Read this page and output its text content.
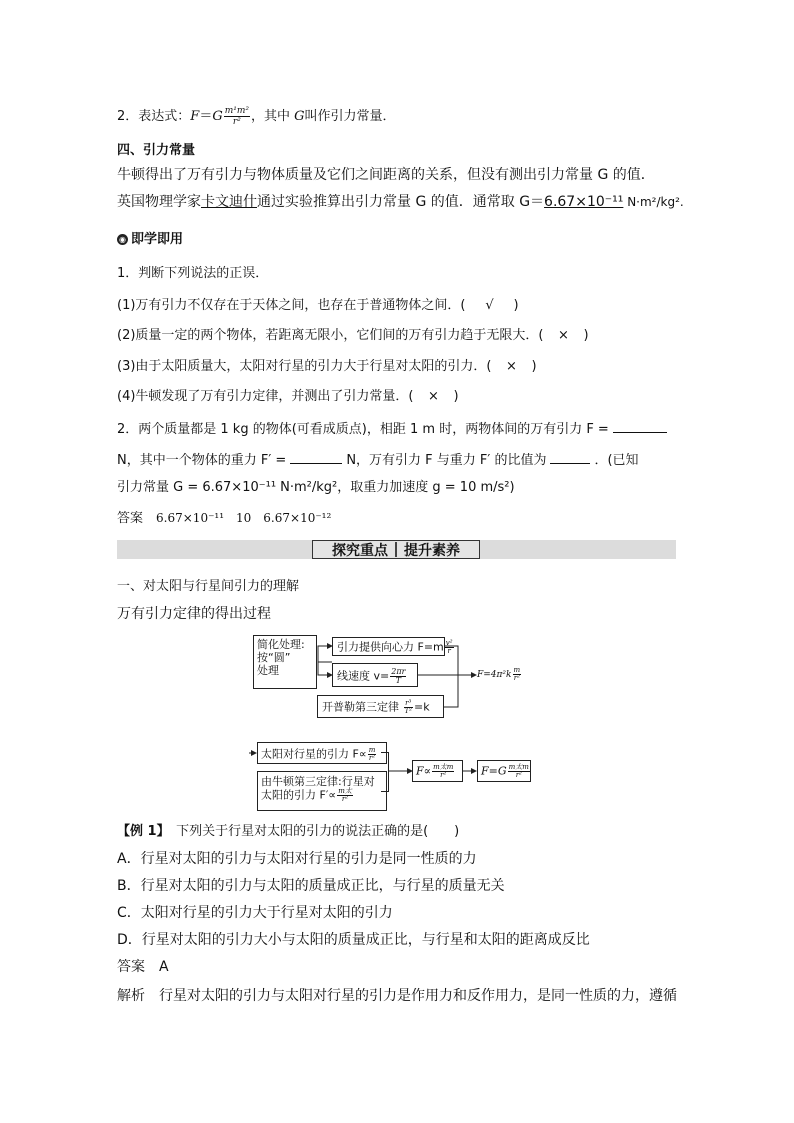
2．表达式：$F=G \frac{\text{m¹m²}}{\text{r²}}$ ，其中 G叫作引力常量．
四、引力常量
牛顿得出了万有引力与物体质量及它们之间距离的关系，但没有测出引力常量 G 的值．
英国物理学家卡文迪什通过实验推算出引力常量 G 的值．通常取 G＝6.67×10⁻¹¹ N·m²/kg².
◉ 即学即用
1．判断下列说法的正误．
(1)万有引力不仅存在于天体之间，也存在于普通物体之间．( √ )
(2)质量一定的两个物体，若距离无限小，它们间的万有引力趋于无限大．( × )
(3)由于太阳质量大，太阳对行星的引力大于行星对太阳的引力．( × )
(4)牛顿发现了万有引力定律，并测出了引力常量．( × )
2．两个质量都是 1 kg 的物体(可看成质点)，相距 1 m 时，两物体间的万有引力 F =
N，其中一个物体的重力 F′ =	N，万有引力 F 与重力 F′ 的比值为	．(已知
引力常量 G = 6.67×10⁻¹¹ N·m²/kg²，取重力加速度 g = 10 m/s²)
答案　 6.67×10⁻¹¹　10　6.67×10⁻¹²
探究重点 提升素养
一、对太阳与行星间引力的理解
万有引力定律的得出过程
简化处理:
按“圆”
处理
引力提供向心力 $F=m \frac{\text{v²}}{r}$
线速度 $v= \frac{2\pi r}{T}$
开普勒第三定律 $\frac{\text{r³}}{\text{T²}} =k$
$F=4\pi^2k \frac{m}{\text{r²}}$
太阳对行星的引力 $F\propto \frac{m}{\text{r²}}$
由牛顿第三定律:行星对
太阳的引力 $F'\propto \frac{\text{m太}}{\text{r²}}$
$F\propto \frac{\text{m太m}}{\text{r²}}$	$F=G \frac{\text{m太m}}{\text{r²}}$
【例 1】　 下列关于行星对太阳的引力的说法正确的是(　　)
A．行星对太阳的引力与太阳对行星的引力是同一性质的力
B．行星对太阳的引力与太阳的质量成正比，与行星的质量无关
C．太阳对行星的引力大于行星对太阳的引力
D．行星对太阳的引力大小与太阳的质量成正比，与行星和太阳的距离成反比
答案　 A
解析　 行星对太阳的引力与太阳对行星的引力是作用力和反作用力，是同一性质的力，遵循
